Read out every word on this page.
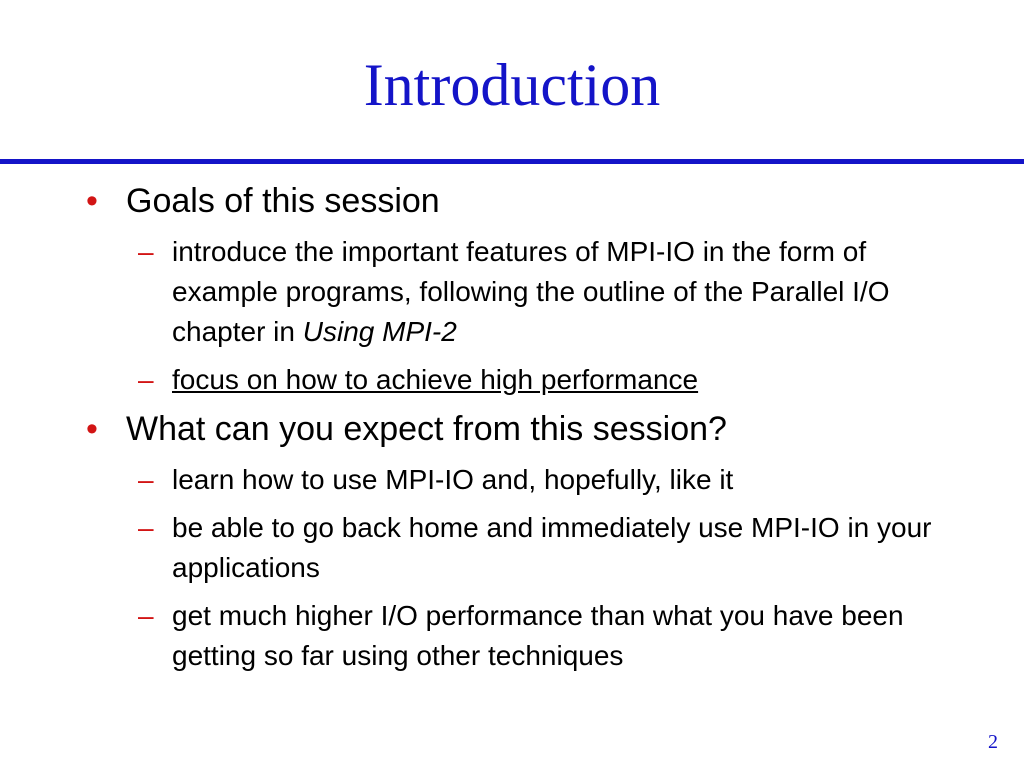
Introduction
• Goals of this session
– introduce the important features of MPI-IO in the form of example programs, following the outline of the Parallel I/O chapter in Using MPI-2
– focus on how to achieve high performance
• What can you expect from this session?
– learn how to use MPI-IO and, hopefully, like it
– be able to go back home and immediately use MPI-IO in your applications
– get much higher I/O performance than what you have been getting so far using other techniques
2
